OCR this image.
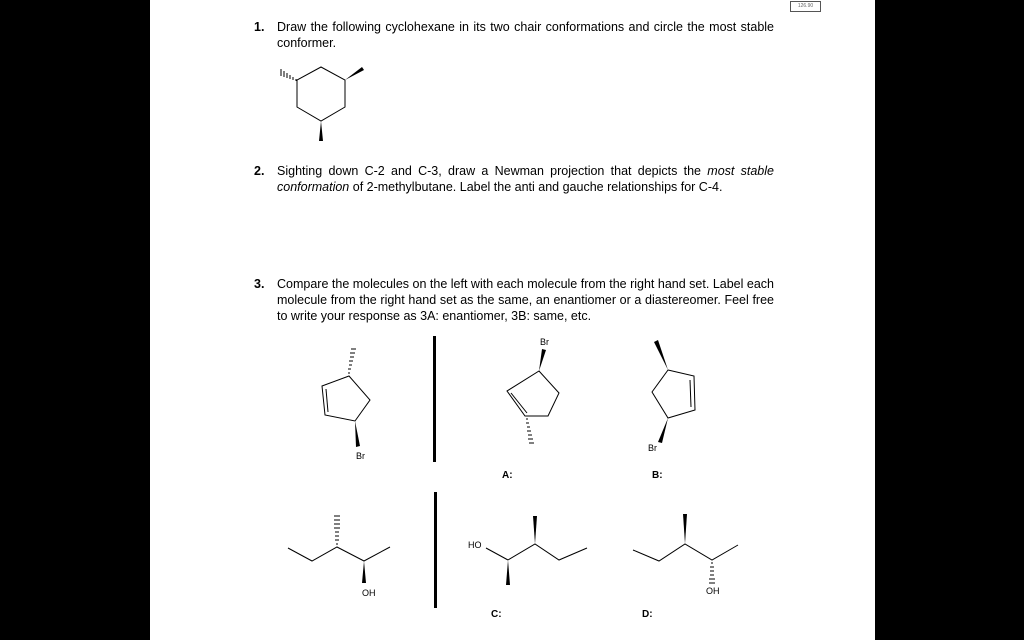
126.90
1. Draw the following cyclohexane in its two chair conformations and circle the most stable conformer.
2. Sighting down C-2 and C-3, draw a Newman projection that depicts the most stable conformation of 2-methylbutane. Label the anti and gauche relationships for C-4.
3. Compare the molecules on the left with each molecule from the right hand set. Label each molecule from the right hand set as the same, an enantiomer or a diastereomer. Feel free to write your response as 3A: enantiomer, 3B: same, etc.
Br
Br
Br
OH
HO
OH
A:	B:
C:	D:
